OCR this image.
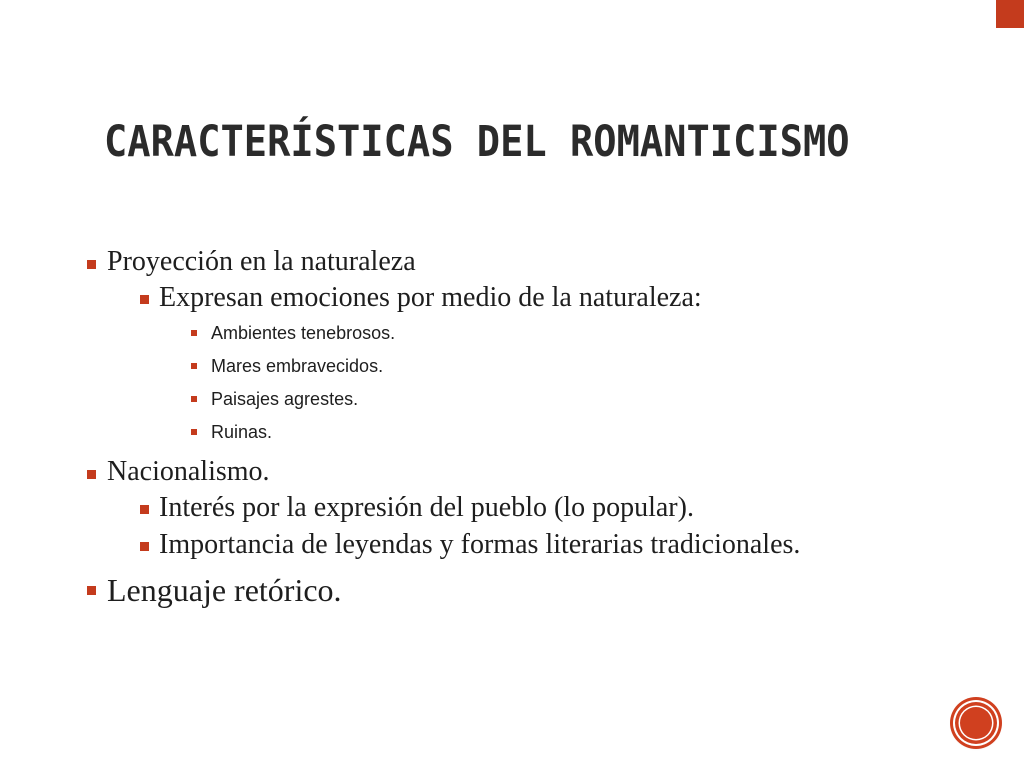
CARACTERÍSTICAS DEL ROMANTICISMO
Proyección en la naturaleza
Expresan emociones por medio de la naturaleza:
Ambientes tenebrosos.
Mares embravecidos.
Paisajes agrestes.
Ruinas.
Nacionalismo.
Interés por la expresión del pueblo (lo popular).
Importancia de leyendas y formas literarias tradicionales.
Lenguaje retórico.
